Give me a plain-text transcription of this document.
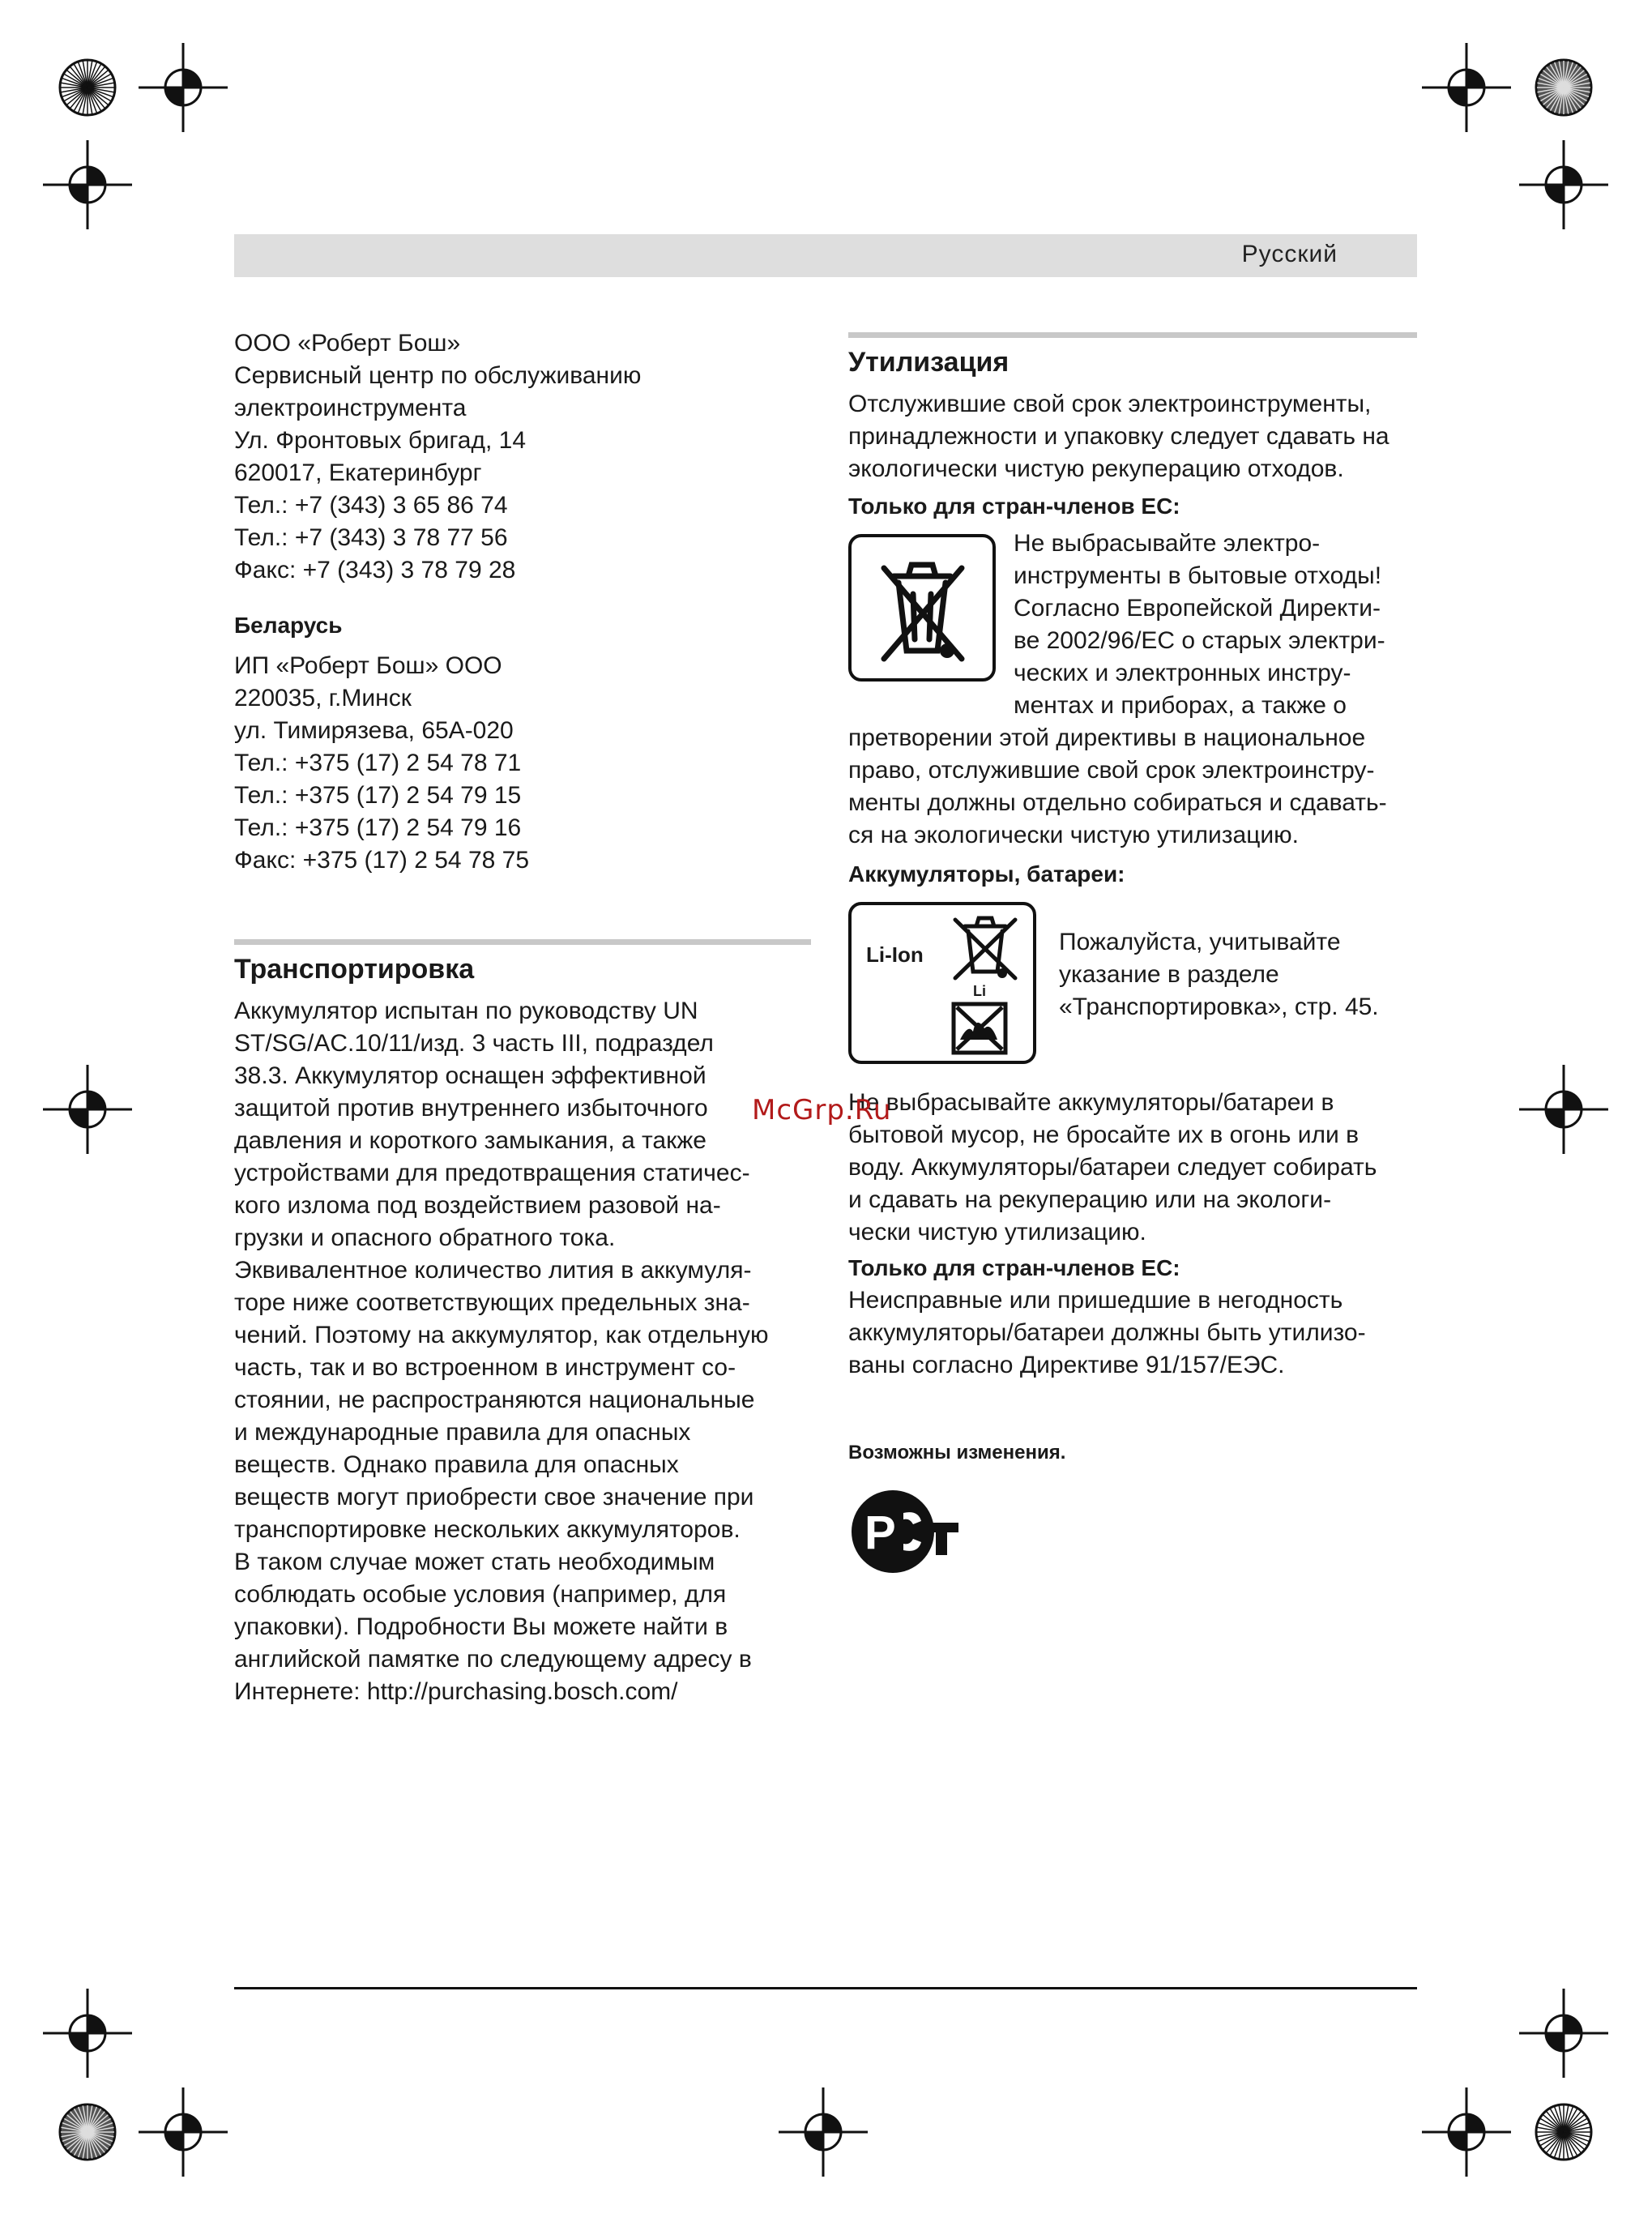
Русский
ООО «Роберт Бош»
Сервисный центр по обслуживанию
электроинструмента
Ул. Фронтовых бригад, 14
620017, Екатеринбург
Тел.: +7 (343) 3 65 86 74
Тел.: +7 (343) 3 78 77 56
Факс: +7 (343) 3 78 79 28

Беларусь

ИП «Роберт Бош» ООО
220035, г.Минск
ул. Тимирязева, 65А-020
Тел.: +375 (17) 2 54 78 71
Тел.: +375 (17) 2 54 79 15
Тел.: +375 (17) 2 54 79 16
Факс: +375 (17) 2 54 78 75
Транспортировка
Аккумулятор испытан по руководству UN
ST/SG/AC.10/11/изд. 3 часть III, подраздел
38.3. Аккумулятор оснащен эффективной
защитой против внутреннего избыточного
давления и короткого замыкания, а также
устройствами для предотвращения статичес-
кого излома под воздействием разовой на-
грузки и опасного обратного тока.
Эквивалентное количество лития в аккумуля-
торе ниже соответствующих предельных зна-
чений. Поэтому на аккумулятор, как отдельную
часть, так и во встроенном в инструмент со-
стоянии, не распространяются национальные
и международные правила для опасных
веществ. Однако правила для опасных
веществ могут приобрести свое значение при
транспортировке нескольких аккумуляторов.
В таком случае может стать необходимым
соблюдать особые условия (например, для
упаковки). Подробности Вы можете найти в
английской памятке по следующему адресу в
Интернете: http://purchasing.bosch.com/
Утилизация
Отслужившие свой срок электроинструменты,
принадлежности и упаковку следует сдавать на
экологически чистую рекуперацию отходов.

Только для стран-членов ЕС:

Не выбрасывайте электро-
инструменты в бытовые отходы!
Согласно Европейской Директи-
ве 2002/96/ЕС о старых электри-
ческих и электронных инстру-
ментах и приборах, а также о
претворении этой директивы в национальное
право, отслужившие свой срок электроинстру-
менты должны отдельно собираться и сдавать-
ся на экологически чистую утилизацию.

Аккумуляторы, батареи:

Li-Ion
Li
Пожалуйста, учитывайте
указание в разделе
«Транспортировка», стр. 45.
Не выбрасывайте аккумуляторы/батареи в
бытовой мусор, не бросайте их в огонь или в
воду. Аккумуляторы/батареи следует собирать
и сдавать на рекуперацию или на экологи-
чески чистую утилизацию.

Только для стран-членов ЕС:

Неисправные или пришедшие в негодность
аккумуляторы/батареи должны быть утилизо-
ваны согласно Директиве 91/157/ЕЭС.

Возможны изменения.

Р
McGrp.Ru
